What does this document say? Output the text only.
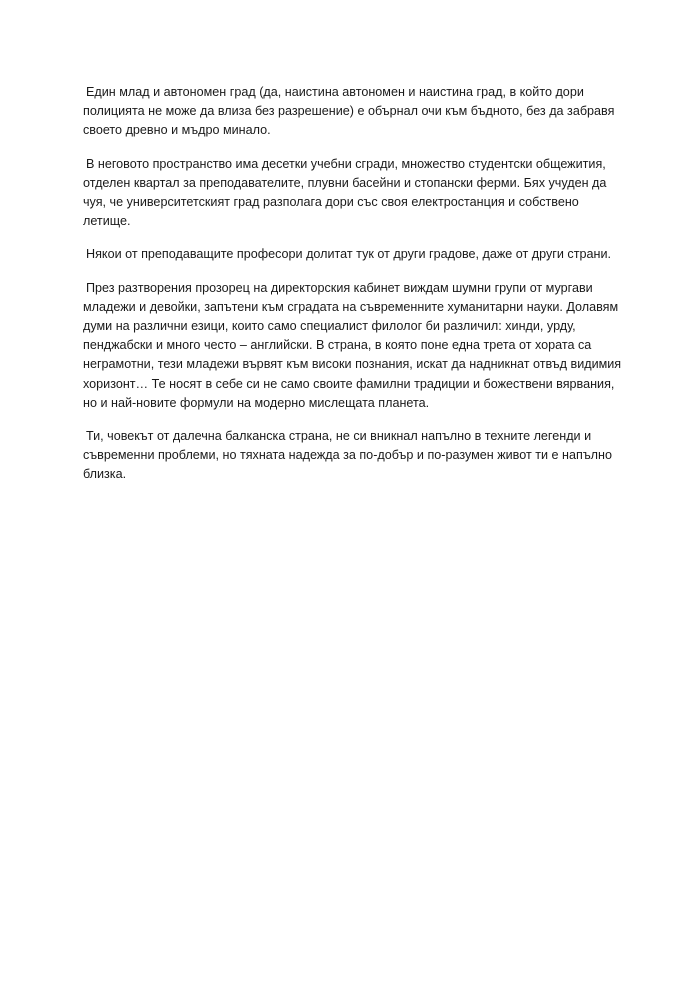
Един млад и автономен град (да, наистина автономен и наистина град, в който дори полицията не може да влиза без разрешение) е обърнал очи към бъдното, без да забравя своето древно и мъдро минало.

В неговото пространство има десетки учебни сгради, множество студентски общежития, отделен квартал за преподавателите, плувни басейни и стопански ферми. Бях учуден да чуя, че университетският град разполага дори със своя електростанция и собствено летище.

Някои от преподаващите професори долитат тук от други градове, даже от други страни.

През разтворения прозорец на директорския кабинет виждам шумни групи от мургави младежи и девойки, запътени към сградата на съвременните хуманитарни науки. Долавям думи на различни езици, които само специалист филолог би различил: хинди, урду, пенджабски и много често – английски. В страна, в която поне една трета от хората са неграмотни, тези младежи вървят към високи познания, искат да надникнат отвъд видимия хоризонт… Те носят в себе си не само своите фамилни традиции и божествени вярвания, но и най-новите формули на модерно мислещата планета.

Ти, човекът от далечна балканска страна, не си вникнал напълно в техните легенди и съвременни проблеми, но тяхната надежда за по-добър и по-разумен живот ти е напълно близка.
